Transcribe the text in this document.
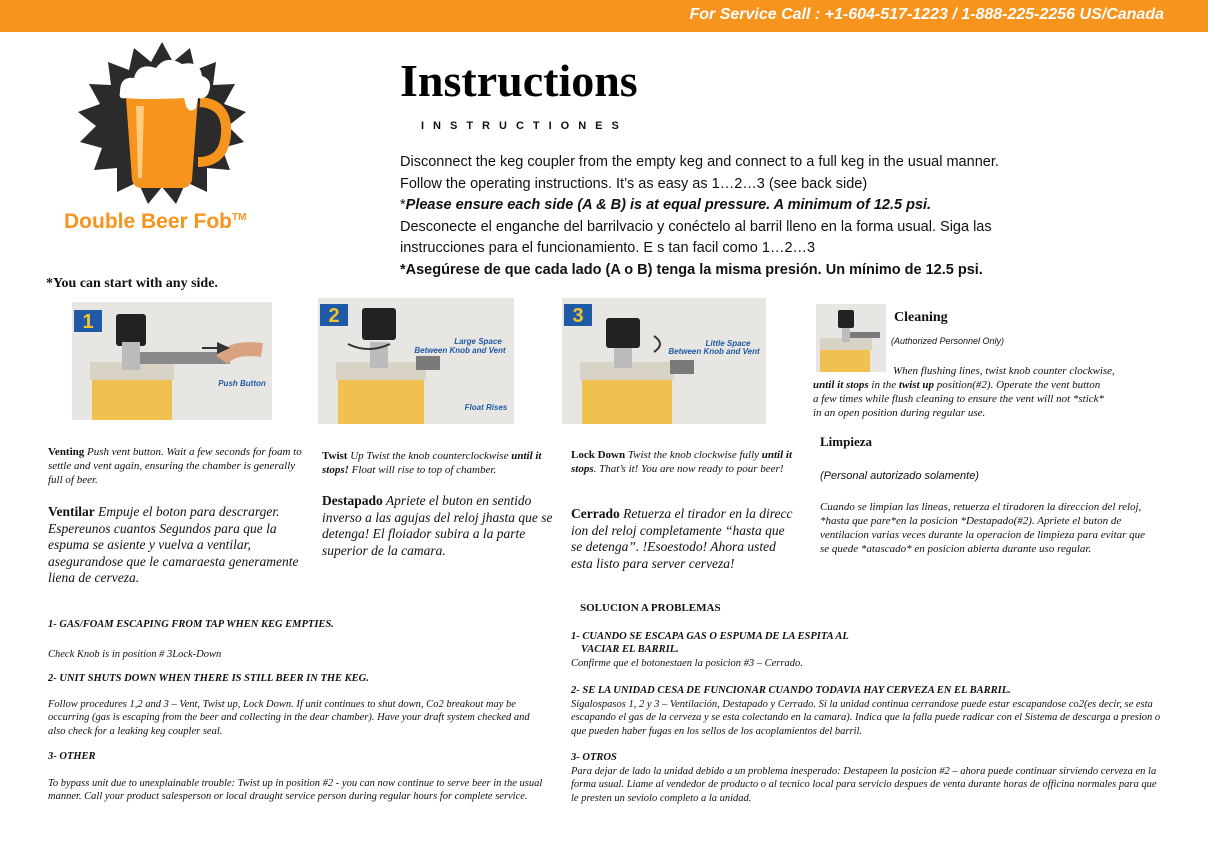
For Service Call : +1-604-517-1223 / 1-888-225-2256 US/Canada
Double Beer Fob™
Instructions
INSTRUCTIONES

Disconnect the keg coupler from the empty keg and connect to a full keg in the usual manner.

Follow the operating instructions. It’s as easy as 1…2…3 (see back side)

*Please ensure each side (A & B) is at equal pressure. A minimum of 12.5 psi.

Desconecte el enganche del barrilvacio y conéctelo al barril lleno en la forma usual. Siga las

instrucciones para el funcionamiento. E s tan facil como 1…2…3

*Asegúrese de que cada lado (A o B) tenga la misma presión. Un mínimo de 12.5 psi.

*You can start with any side.
1
Push Button
2
Large Space
Between Knob and Vent
Float Rises
3
Little Space
Between Knob and Vent
Venting Push vent button. Wait a few seconds for foam to settle and vent again, ensuring the chamber is generally full of beer.
Ventilar Empuje el boton para descrarger. Espereunos cuantos Segundos para que la espuma se asiente y vuelva a ventilar, asegurandose que le camaraesta generamente liena de cerveza.
Twist Up Twist the knob counterclockwise until it stops! Float will rise to top of chamber.
Destapado Apriete el buton en sentido inverso a las agujas del reloj jhasta que se detenga! El floiador subira a la parte superior de la camara.
Lock Down Twist the knob clockwise fully until it stops. That’s it! You are now ready to pour beer!
Cerrado Retuerza el tirador en la direcc ion del reloj completamente “hasta que se detenga”. !Esoestodo! Ahora usted esta listo para server cerveza!
Cleaning
(Authorized Personnel Only)
When flushing lines, twist knob counter clockwise,
until it stops in the twist up position(#2). Operate the vent button
a few times while flush cleaning to ensure the vent will not *stick*
in an open position during regular use.
Limpieza
(Personal autorizado solamente)
Cuando se limpian las lineas, retuerza el tiradoren la direccion del reloj, *hasta que pare*en la posicion *Destapado(#2). Apriete el buton de ventilacion varias veces durante la operacion de limpieza para evitar que se quede *atascado* en posicion abierta durante uso regular.
1- GAS/FOAM ESCAPING FROM TAP WHEN KEG EMPTIES.
Check Knob is in position # 3Lock-Down
2- UNIT SHUTS DOWN WHEN THERE IS STILL BEER IN THE KEG.
Follow procedures 1,2 and 3 – Vent, Twist up, Lock Down. If unit continues to shut down, Co2 breakout may be occurring (gas is escaping from the beer and collecting in the dear chamber). Have your draft system checked and also check for a leaking keg coupler seal.
3- OTHER
To bypass unit due to unexplainable trouble: Twist up in position #2 - you can now continue to serve beer in the usual manner. Call your product salesperson or local draught service person during regular hours for complete service.
SOLUCION A PROBLEMAS
1- CUANDO SE ESCAPA GAS O ESPUMA DE LA ESPITA AL
VACIAR EL BARRIL.
Confirme que el botonestaen la posicion #3 – Cerrado.
2- SE LA UNIDAD CESA DE FUNCIONAR CUANDO TODAVIA HAY CERVEZA EN EL BARRIL.
Sigalospasos 1, 2 y 3 – Ventilación, Destapado y Cerrado. Si la unidad continua cerrandose puede estar escapandose co2(es decir, se esta escapando el gas de la cerveza y se esta colectando en la camara). Indica que la falla puede radicar con el Sistema de descarga a presion o que pueden haber fugas en los sellos de los acoplamientos del barril.
3- OTROS
Para dejar de lado la unidad debido a un problema inesperado: Destapeen la posicion #2 – ahora puede continuar sirviendo cerveza en la forma usual. Liame al vendedor de producto o al tecnico local para servicio despues de venta durante horas de officina normales para que le presten un seviolo completo a la unidad.
